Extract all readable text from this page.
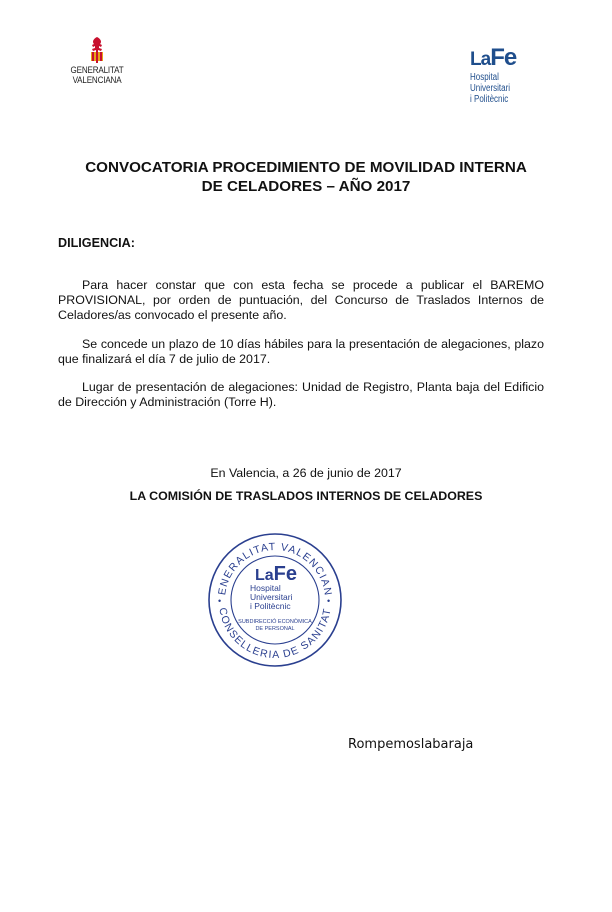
GENERALITAT
VALENCIANA
LaFe
Hospital
Universitari
i Politècnic
CONVOCATORIA PROCEDIMIENTO DE MOVILIDAD INTERNA
DE CELADORES – AÑO 2017
DILIGENCIA:
Para hacer constar que con esta fecha se procede a publicar el BAREMO PROVISIONAL, por orden de puntuación, del Concurso de Traslados Internos de Celadores/as convocado el presente año.
Se concede un plazo de 10 días hábiles para la presentación de alegaciones, plazo que finalizará el día 7 de julio de 2017.
Lugar de presentación de alegaciones: Unidad de Registro, Planta baja del Edificio de Dirección y Administración (Torre H).
En Valencia, a 26 de junio de 2017
LA COMISIÓN DE TRASLADOS INTERNOS DE CELADORES
ENERALITAT VALENCIAN
CONSELLERIA DE SANITAT
•	•
LaFe
Hospital
Universitari
i Politècnic
SUBDIRECCIÓ ECONÒMICA
DE PERSONAL
Rompemoslabaraja
